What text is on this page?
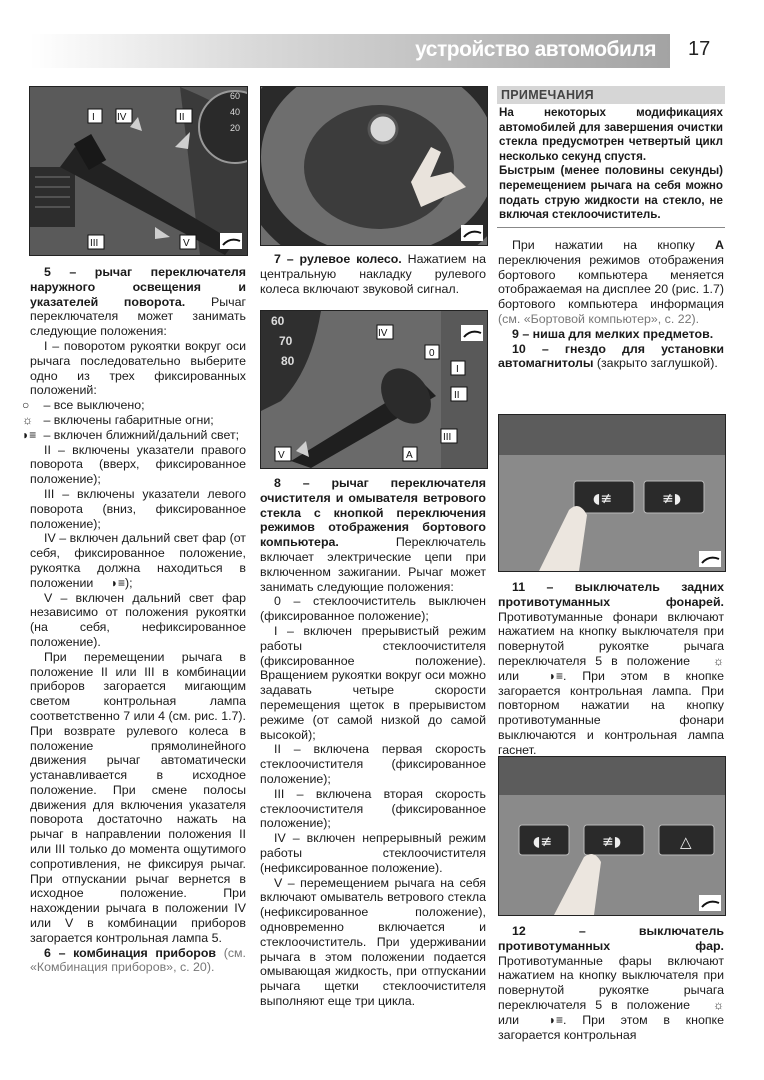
устройство автомобиля 17
60
40
20
I IV	II
III	V
60
70
80
IV
0
I
II
III
V	A
◖≢	≢◗
◖≢	≢◗	△

5 – рычаг переключателя наружного освещения и указателей поворота. Рычаг переключателя может занимать следующие положения:

I – поворотом рукоятки вокруг оси рычага последовательно выберите одно из трех фиксированных положений:

○ – все выключено;

☼ – включены габаритные огни;

◗≡ – включен ближний/дальний свет;

II – включены указатели правого поворота (вверх, фиксированное положение);

III – включены указатели левого поворота (вниз, фиксированное положение);

IV – включен дальний свет фар (от себя, фиксированное положение, рукоятка должна находиться в положении ◗≡);

V – включен дальний свет фар независимо от положения рукоятки (на себя, нефиксированное положение).

При перемещении рычага в положение II или III в комбинации приборов загорается мигающим светом контрольная лампа соответственно 7 или 4 (см. рис. 1.7). При возврате рулевого колеса в положение прямолинейного движения рычаг автоматически устанавливается в исходное положение. При смене полосы движения для включения указателя поворота достаточно нажать на рычаг в направлении положения II или III только до момента ощутимого сопротивления, не фиксируя рычаг. При отпускании рычаг вернется в исходное положение. При нахождении рычага в положении IV или V в комбинации приборов загорается контрольная лампа 5.

6 – комбинация приборов (см. «Комбинация приборов», с. 20).

7 – рулевое колесо. Нажатием на центральную накладку рулевого колеса включают звуковой сигнал.

8 – рычаг переключателя очистителя и омывателя ветрового стекла с кнопкой переключения режимов отображения бортового компьютера. Переключатель включает электрические цепи при включенном зажигании. Рычаг может занимать следующие положения:

0 – стеклоочиститель выключен (фиксированное положение);

I – включен прерывистый режим работы стеклоочистителя (фиксированное положение). Вращением рукоятки вокруг оси можно задавать четыре скорости перемещения щеток в прерывистом режиме (от самой низкой до самой высокой);

II – включена первая скорость стеклоочистителя (фиксированное положение);

III – включена вторая скорость стеклоочистителя (фиксированное положение);

IV – включен непрерывный режим работы стеклоочистителя (нефиксированное положение).

V – перемещением рычага на себя включают омыватель ветрового стекла (нефиксированное положение), одновременно включается и стеклоочиститель. При удерживании рычага в этом положении подается омывающая жидкость, при отпускании рычага щетки стеклоочистителя выполняют еще три цикла.

ПРИМЕЧАНИЯ

На некоторых модификациях автомобилей для завершения очистки стекла предусмотрен четвертый цикл несколько секунд спустя.

Быстрым (менее половины секунды) перемещением рычага на себя можно подать струю жидкости на стекло, не включая стеклоочиститель.

При нажатии на кнопку A переключения режимов отображения бортового компьютера меняется отображаемая на дисплее 20 (рис. 1.7) бортового компьютера информация (см. «Бортовой компьютер», с. 22).

9 – ниша для мелких предметов.

10 – гнездо для установки автомагнитолы (закрыто заглушкой).

11 – выключатель задних противотуманных фонарей. Противотуманные фонари включают нажатием на кнопку выключателя при повернутой рукоятке рычага переключателя 5 в положение ☼ или ◗≡. При этом в кнопке загорается контрольная лампа. При повторном нажатии на кнопку противотуманные фонари выключаются и контрольная лампа гаснет.

12 – выключатель противотуманных фар. Противотуманные фары включают нажатием на кнопку выключателя при повернутой рукоятке рычага переключателя 5 в положение ☼ или ◗≡. При этом в кнопке загорается контрольная
